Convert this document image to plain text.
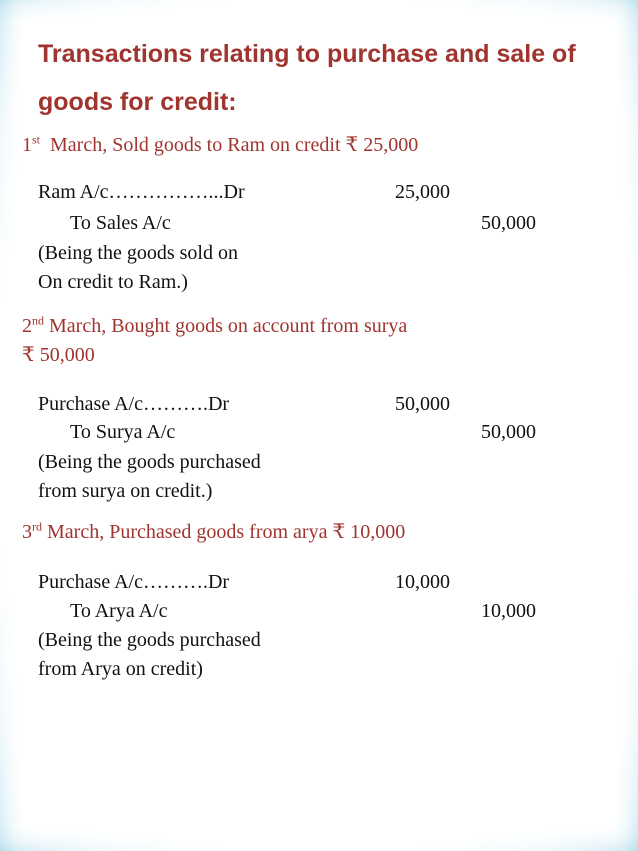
Transactions relating to purchase and sale of goods for credit:
1st  March, Sold goods to Ram on credit ₹ 25,000
Ram A/c……………...Dr	25,000
To Sales A/c	50,000
(Being the goods sold on
On credit to Ram.)
2nd March, Bought goods on account from surya
₹ 50,000
Purchase A/c……….Dr	50,000
To Surya A/c	50,000
(Being the goods purchased
from surya on credit.)
3rd March, Purchased goods from arya ₹ 10,000
Purchase A/c……….Dr	10,000
To Arya A/c	10,000
(Being the goods purchased
from Arya on credit)
